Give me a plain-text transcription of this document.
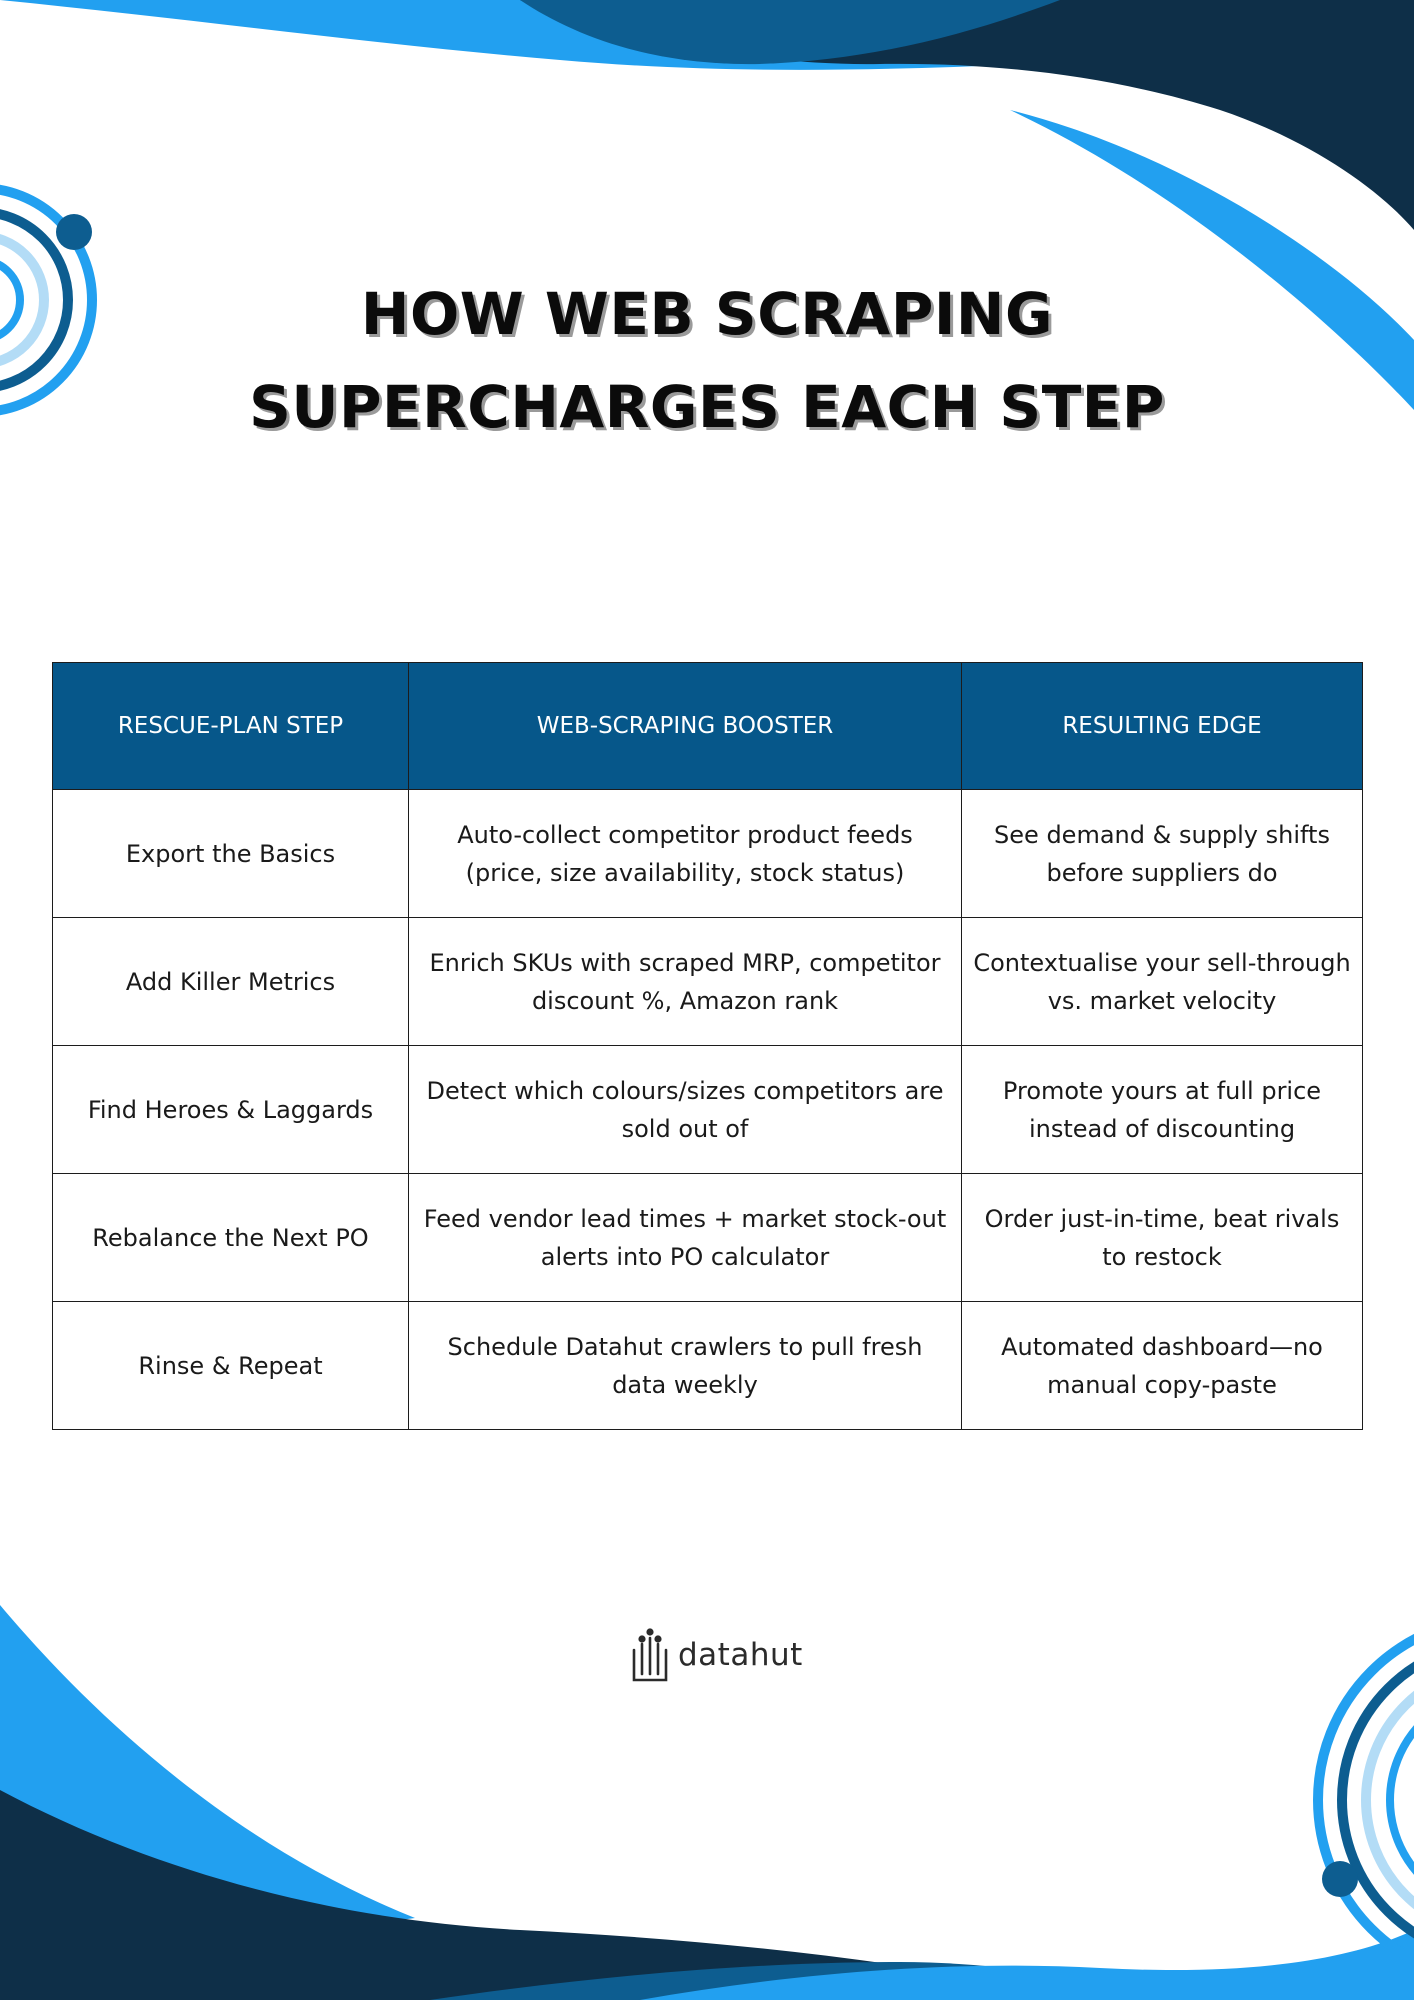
HOW WEB SCRAPING
SUPERCHARGES EACH STEP
RESCUE-PLAN STEP	WEB-SCRAPING BOOSTER	RESULTING EDGE
Export the Basics	Auto-collect competitor product feeds (price, size availability, stock status)	See demand & supply shifts before suppliers do
Add Killer Metrics	Enrich SKUs with scraped MRP, competitor discount %, Amazon rank	Contextualise your sell-through vs. market velocity
Find Heroes & Laggards	Detect which colours/sizes competitors are sold out of	Promote yours at full price instead of discounting
Rebalance the Next PO	Feed vendor lead times + market stock-out alerts into PO calculator	Order just-in-time, beat rivals to restock
Rinse & Repeat	Schedule Datahut crawlers to pull fresh data weekly	Automated dashboard—no manual copy-paste
datahut
